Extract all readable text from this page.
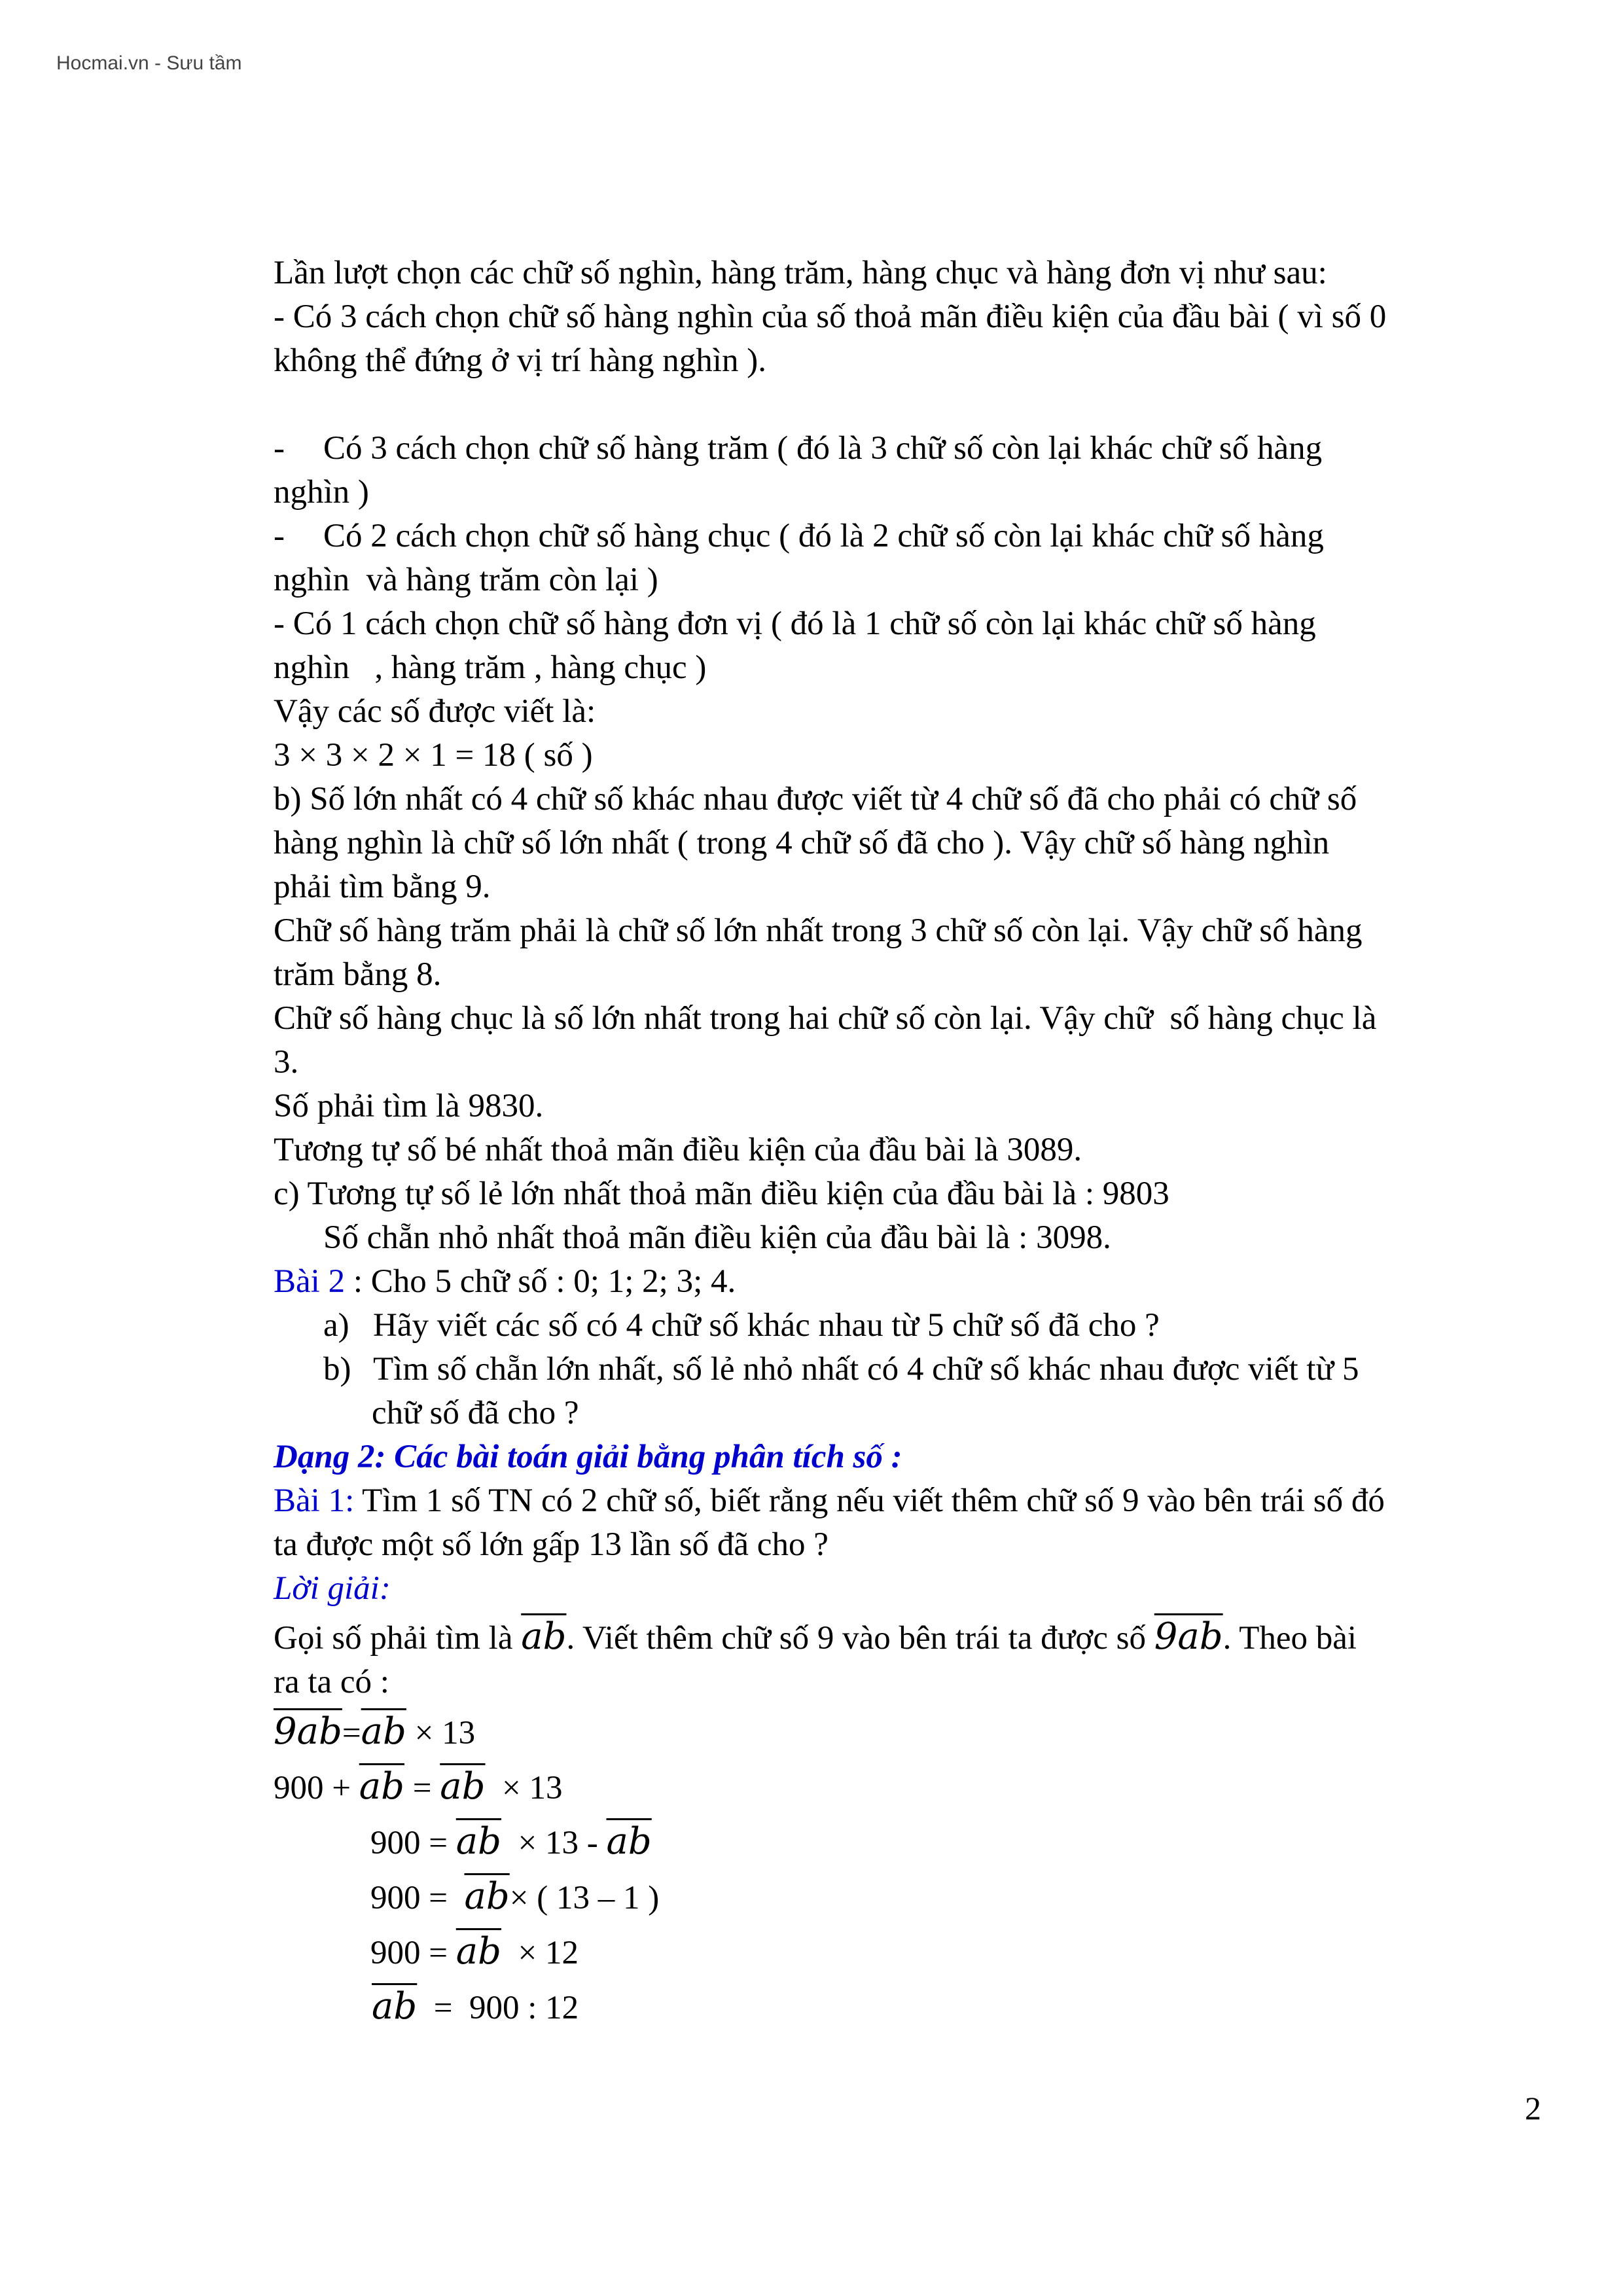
Hocmai.vn - Sưu tầm
Lần lượt chọn các chữ số nghìn, hàng trăm, hàng chục và hàng đơn vị như sau:
- Có 3 cách chọn chữ số hàng nghìn của số thoả mãn điều kiện của đầu bài ( vì số 0
không thể đứng ở vị trí hàng nghìn ).
- Có 3 cách chọn chữ số hàng trăm ( đó là 3 chữ số còn lại khác chữ số hàng
nghìn )
- Có 2 cách chọn chữ số hàng chục ( đó là 2 chữ số còn lại khác chữ số hàng
nghìn  và hàng trăm còn lại )
- Có 1 cách chọn chữ số hàng đơn vị ( đó là 1 chữ số còn lại khác chữ số hàng
nghìn   , hàng trăm , hàng chục )
Vậy các số được viết là:
3 × 3 × 2 × 1 = 18 ( số )
b) Số lớn nhất có 4 chữ số khác nhau được viết từ 4 chữ số đã cho phải có chữ số
hàng nghìn là chữ số lớn nhất ( trong 4 chữ số đã cho ). Vậy chữ số hàng nghìn
phải tìm bằng 9.
Chữ số hàng trăm phải là chữ số lớn nhất trong 3 chữ số còn lại. Vậy chữ số hàng
trăm bằng 8.
Chữ số hàng chục là số lớn nhất trong hai chữ số còn lại. Vậy chữ  số hàng chục là
3.
Số phải tìm là 9830.
Tương tự số bé nhất thoả mãn điều kiện của đầu bài là 3089.
c) Tương tự số lẻ lớn nhất thoả mãn điều kiện của đầu bài là : 9803
Số chẵn nhỏ nhất thoả mãn điều kiện của đầu bài là : 3098.
Bài 2 : Cho 5 chữ số : 0; 1; 2; 3; 4.
a) Hãy viết các số có 4 chữ số khác nhau từ 5 chữ số đã cho ?
b) Tìm số chẵn lớn nhất, số lẻ nhỏ nhất có 4 chữ số khác nhau được viết từ 5
chữ số đã cho ?
Dạng 2: Các bài toán giải bằng phân tích số :
Bài 1: Tìm 1 số TN có 2 chữ số, biết rằng nếu viết thêm chữ số 9 vào bên trái số đó
ta được một số lớn gấp 13 lần số đã cho ?
Lời giải:
Gọi số phải tìm là $\overline{ab}$. Viết thêm chữ số 9 vào bên trái ta được số 9ab. Theo bài
ra ta có :
$9ab=\overline{ab} \times 13$
$900 + \overline{ab} = \overline{ab} \times 13$
$900 = \overline{ab} \times 13 - \overline{ab}$
$900 = \overline{ab}\times$ ( 13 – 1 )
$900 = \overline{ab} \times 12$
$\overline{ab} = 900$ : 12
2
